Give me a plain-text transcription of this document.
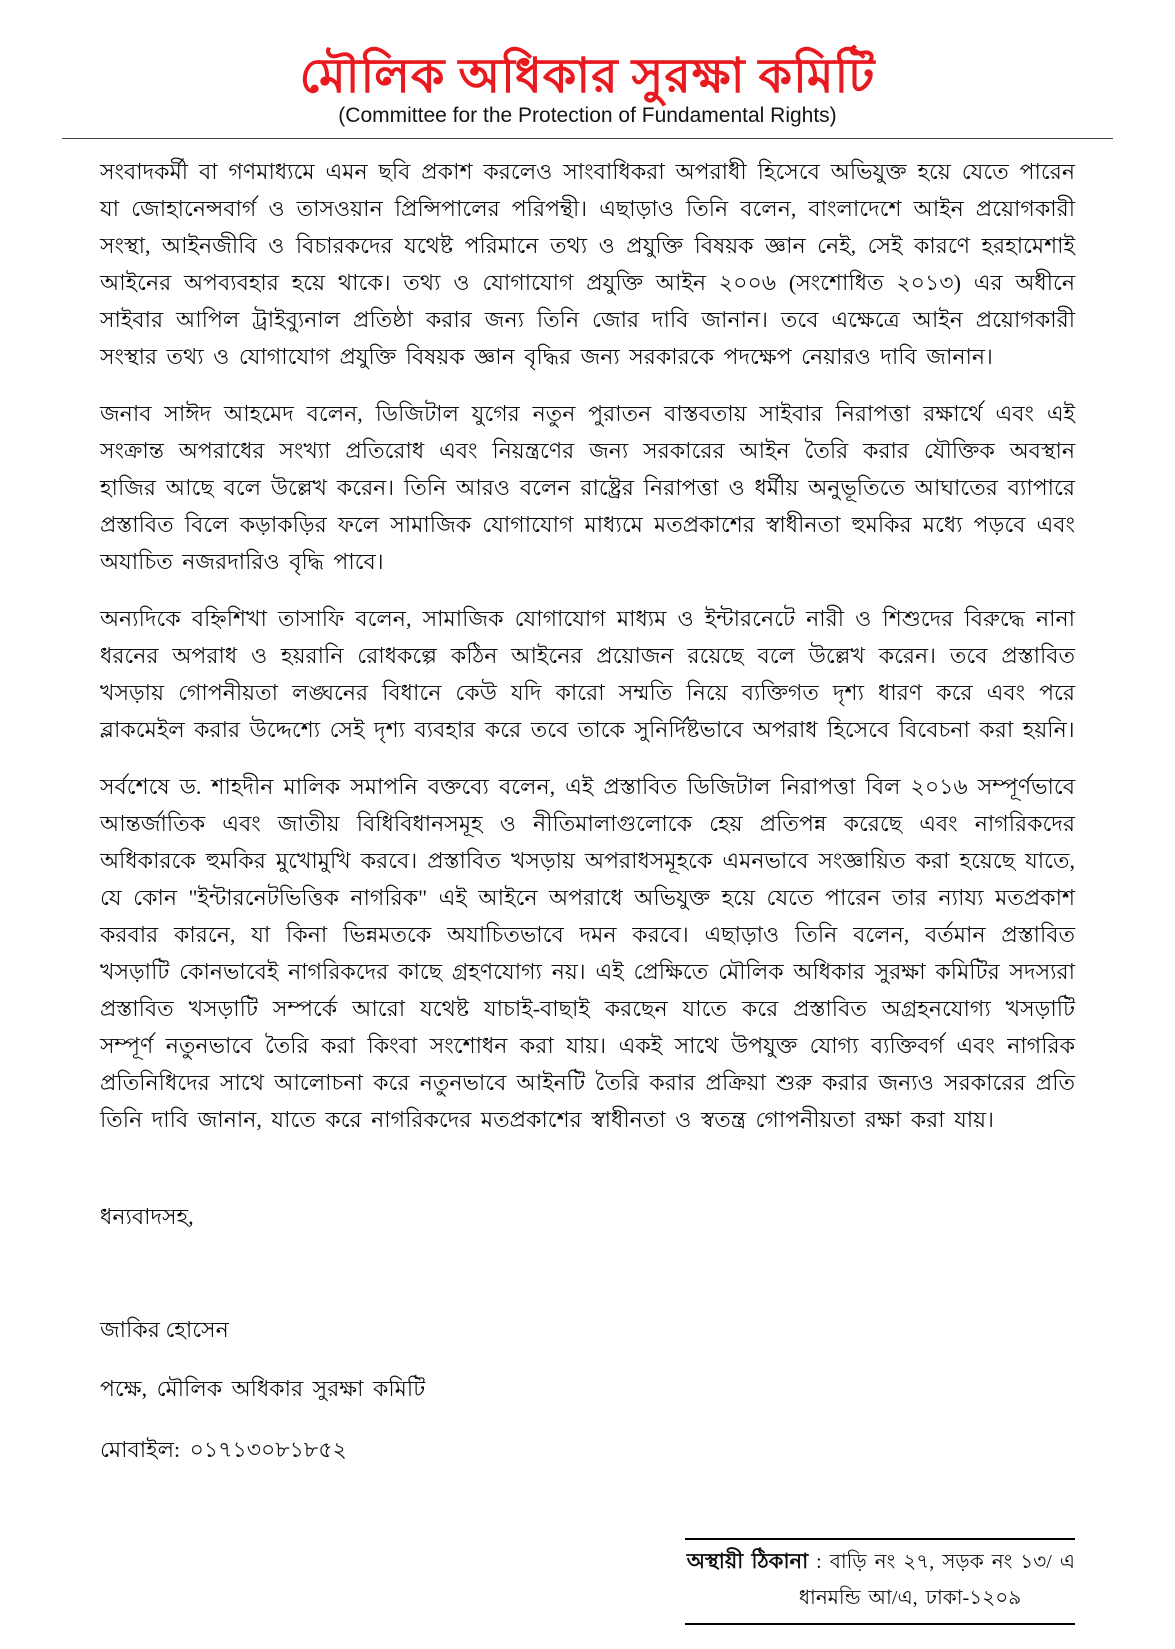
মৌলিক অধিকার সুরক্ষা কমিটি
(Committee for the Protection of Fundamental Rights)

সংবাদকর্মী বা গণমাধ্যমে এমন ছবি প্রকাশ করলেও সাংবাধিকরা অপরাধী হিসেবে অভিযুক্ত হয়ে যেতে পারেন যা জোহানেন্সবার্গ ও তাসওয়ান প্রিন্সিপালের পরিপন্থী। এছাড়াও তিনি বলেন, বাংলাদেশে আইন প্রয়োগকারী সংস্থা, আইনজীবি ও বিচারকদের যথেষ্ট পরিমানে তথ্য ও প্রযুক্তি বিষয়ক জ্ঞান নেই, সেই কারণে হরহামেশাই আইনের অপব্যবহার হয়ে থাকে। তথ্য ও যোগাযোগ প্রযুক্তি আইন ২০০৬ (সংশোধিত ২০১৩) এর অধীনে সাইবার আপিল ট্রাইব্যুনাল প্রতিষ্ঠা করার জন্য তিনি জোর দাবি জানান। তবে এক্ষেত্রে আইন প্রয়োগকারী সংস্থার তথ্য ও যোগাযোগ প্রযুক্তি বিষয়ক জ্ঞান বৃদ্ধির জন্য সরকারকে পদক্ষেপ নেয়ারও দাবি জানান।

জনাব সাঈদ আহমেদ বলেন, ডিজিটাল যুগের নতুন পুরাতন বাস্তবতায় সাইবার নিরাপত্তা রক্ষার্থে এবং এই সংক্রান্ত অপরাধের সংখ্যা প্রতিরোধ এবং নিয়ন্ত্রণের জন্য সরকারের আইন তৈরি করার যৌক্তিক অবস্থান হাজির আছে বলে উল্লেখ করেন। তিনি আরও বলেন রাষ্ট্রের নিরাপত্তা ও ধর্মীয় অনুভূতিতে আঘাতের ব্যাপারে প্রস্তাবিত বিলে কড়াকড়ির ফলে সামাজিক যোগাযোগ মাধ্যমে মতপ্রকাশের স্বাধীনতা হুমকির মধ্যে পড়বে এবং অযাচিত নজরদারিও বৃদ্ধি পাবে।

অন্যদিকে বহ্নিশিখা তাসাফি বলেন, সামাজিক যোগাযোগ মাধ্যম ও ইন্টারনেটে নারী ও শিশুদের বিরুদ্ধে নানা ধরনের অপরাধ ও হয়রানি রোধকল্পে কঠিন আইনের প্রয়োজন রয়েছে বলে উল্লেখ করেন। তবে প্রস্তাবিত খসড়ায় গোপনীয়তা লঙ্ঘনের বিধানে কেউ যদি কারো সম্মতি নিয়ে ব্যক্তিগত দৃশ্য ধারণ করে এবং পরে ব্লাকমেইল করার উদ্দেশ্যে সেই দৃশ্য ব্যবহার করে তবে তাকে সুনির্দিষ্টভাবে অপরাধ হিসেবে বিবেচনা করা হয়নি।

সর্বশেষে ড. শাহদীন মালিক সমাপনি বক্তব্যে বলেন, এই প্রস্তাবিত ডিজিটাল নিরাপত্তা বিল ২০১৬ সম্পূর্ণভাবে আন্তর্জাতিক এবং জাতীয় বিধিবিধানসমূহ ও নীতিমালাগুলোকে হেয় প্রতিপন্ন করেছে এবং নাগরিকদের অধিকারকে হুমকির মুখোমুখি করবে। প্রস্তাবিত খসড়ায় অপরাধসমূহকে এমনভাবে সংজ্ঞায়িত করা হয়েছে যাতে, যে কোন "ইন্টারনেটভিত্তিক নাগরিক" এই আইনে অপরাধে অভিযুক্ত হয়ে যেতে পারেন তার ন্যায্য মতপ্রকাশ করবার কারনে, যা কিনা ভিন্নমতকে অযাচিতভাবে দমন করবে। এছাড়াও তিনি বলেন, বর্তমান প্রস্তাবিত খসড়াটি কোনভাবেই নাগরিকদের কাছে গ্রহণযোগ্য নয়। এই প্রেক্ষিতে মৌলিক অধিকার সুরক্ষা কমিটির সদস্যরা প্রস্তাবিত খসড়াটি সম্পর্কে আরো যথেষ্ট যাচাই-বাছাই করছেন যাতে করে প্রস্তাবিত অগ্রহনযোগ্য খসড়াটি সম্পূর্ণ নতুনভাবে তৈরি করা কিংবা সংশোধন করা যায়। একই সাথে উপযুক্ত যোগ্য ব্যক্তিবর্গ এবং নাগরিক প্রতিনিধিদের সাথে আলোচনা করে নতুনভাবে আইনটি তৈরি করার প্রক্রিয়া শুরু করার জন্যও সরকারের প্রতি তিনি দাবি জানান, যাতে করে নাগরিকদের মতপ্রকাশের স্বাধীনতা ও স্বতন্ত্র গোপনীয়তা রক্ষা করা যায়।

ধন্যবাদসহ,

জাকির হোসেন

পক্ষে, মৌলিক অধিকার সুরক্ষা কমিটি

মোবাইল: ০১৭১৩০৮১৮৫২

অস্থায়ী ঠিকানা : বাড়ি নং ২৭, সড়ক নং ১৩/ এ
ধানমন্ডি আ/এ, ঢাকা-১২০৯
